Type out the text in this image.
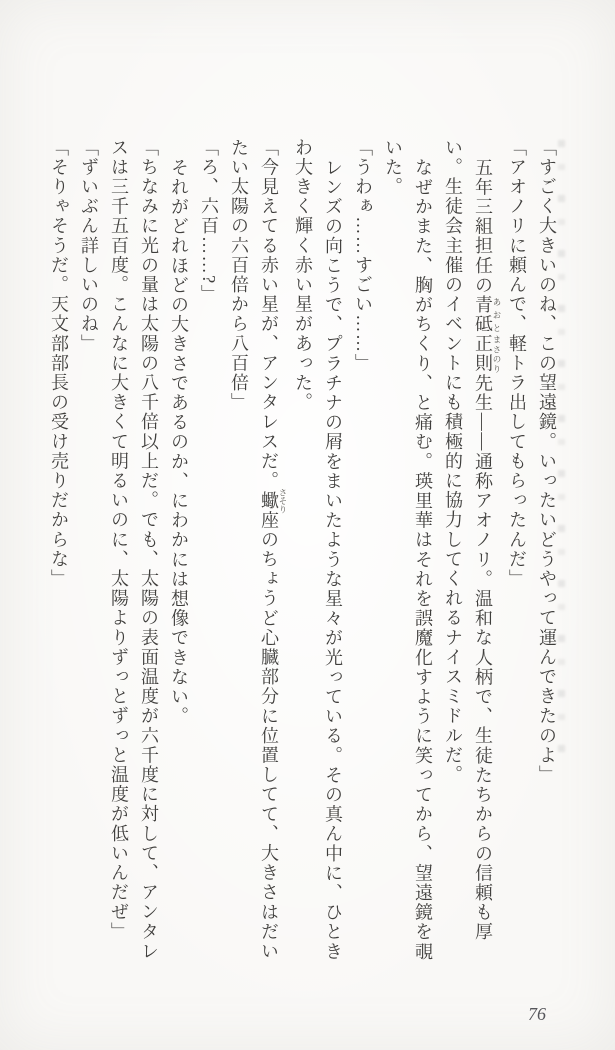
「すごく大きいのね、この望遠鏡。いったいどうやって運んできたのよ」

「アオノリに頼んで、軽トラ出してもらったんだ」

五年三組担任の青砥 あおと正則 まさのり先生——通称アオノリ。温和な人柄で、生徒たちからの信頼も厚い。生徒会主催のイベントにも積極的に協力してくれるナイスミドルだ。

なぜかまた、胸がちくり、と痛む。瑛里華はそれを誤魔化すように笑ってから、望遠鏡を覗いた。

「うわぁ……すごい……」

レンズの向こうで、プラチナの屑をまいたような星々が光っている。その真ん中に、ひときわ大きく輝く赤い星があった。

「今見えてる赤い星が、アンタレスだ。蠍 さそり座のちょうど心臓部分に位置してて、大きさはだいたい太陽の六百倍から八百倍」

「ろ、六百……?」

それがどれほどの大きさであるのか、にわかには想像できない。

「ちなみに光の量は太陽の八千倍以上だ。でも、太陽の表面温度が六千度に対して、アンタレスは三千五百度。こんなに大きくて明るいのに、太陽よりずっとずっと温度が低いんだぜ」

「ずいぶん詳しいのね」

「そりゃそうだ。天文部部長の受け売りだからな」

76
